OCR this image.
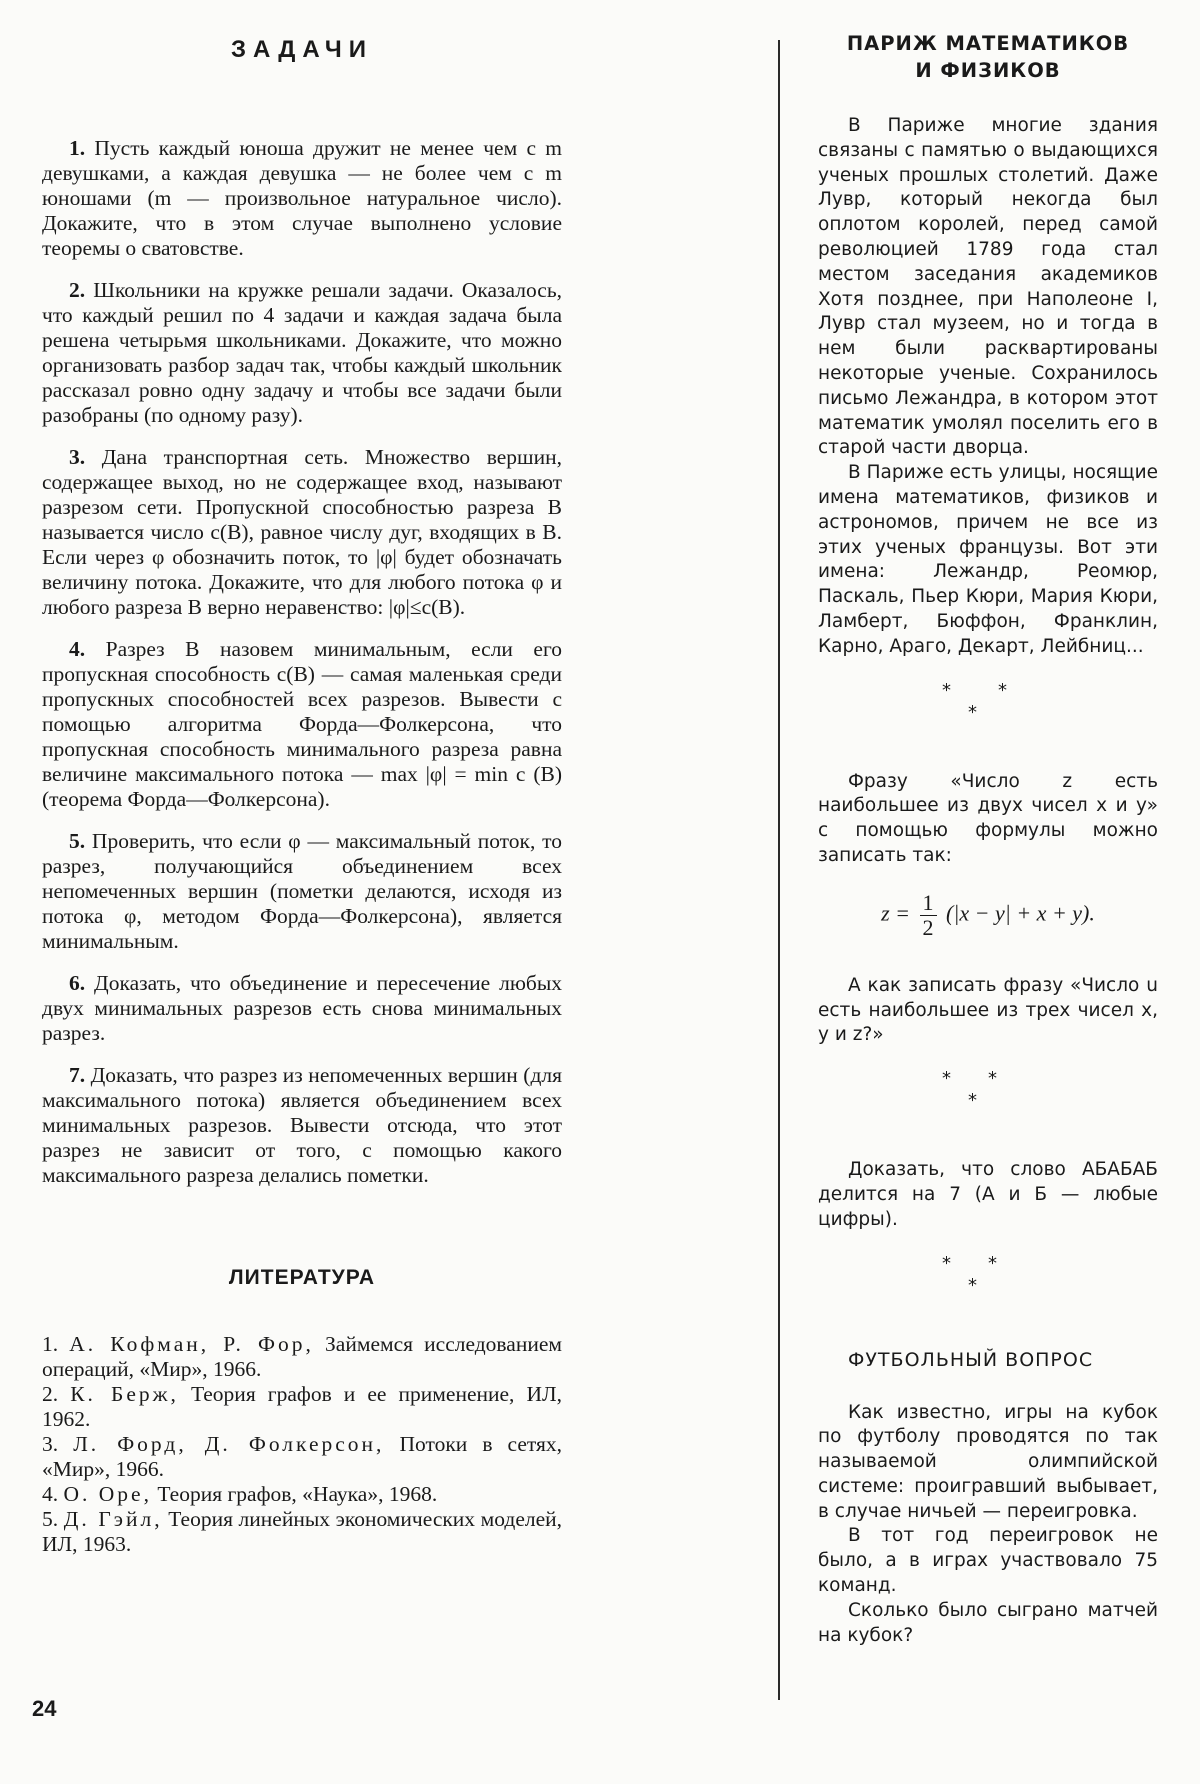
ЗАДАЧИ

1. Пусть каждый юноша дружит не менее чем с m девушками, а каждая девушка — не более чем с m юношами (m — произвольное натуральное число). Докажите, что в этом случае выполнено условие теоремы о сватовстве.

2. Школьники на кружке решали задачи. Оказалось, что каждый решил по 4 задачи и каждая задача была решена четырьмя школьниками. Докажите, что можно организовать разбор задач так, чтобы каждый школьник рассказал ровно одну задачу и чтобы все задачи были разобраны (по одному разу).

3. Дана транспортная сеть. Множество вершин, содержащее выход, но не содержащее вход, называют разрезом сети. Пропускной способностью разреза B называется число c(B), равное числу дуг, входящих в B. Если через φ обозначить поток, то |φ| будет обозначать величину потока. Докажите, что для любого потока φ и любого разреза B верно неравенство: |φ|≤c(B).

4. Разрез B назовем минимальным, если его пропускная способность c(B) — самая маленькая среди пропускных способностей всех разрезов. Вывести с помощью алгоритма Форда—Фолкерсона, что пропускная способность минимального разреза равна величине максимального потока — max |φ| = min c (B) (теорема Форда—Фолкерсона).

5. Проверить, что если φ — максимальный поток, то разрез, получающийся объединением всех непомеченных вершин (пометки делаются, исходя из потока φ, методом Форда—Фолкерсона), является минимальным.

6. Доказать, что объединение и пересечение любых двух минимальных разрезов есть снова минимальных разрез.

7. Доказать, что разрез из непомеченных вершин (для максимального потока) является объединением всех минимальных разрезов. Вывести отсюда, что этот разрез не зависит от того, с помощью какого максимального разреза делались пометки.

ЛИТЕРАТУРА

1. А. Кофман, Р. Фор, Займемся исследованием операций, «Мир», 1966.

2. К. Берж, Теория графов и ее применение, ИЛ, 1962.

3. Л. Форд, Д. Фолкерсон, Потоки в сетях, «Мир», 1966.

4. О. Оре, Теория графов, «Наука», 1968.

5. Д. Гэйл, Теория линейных экономических моделей, ИЛ, 1963.

24
ПАРИЖ МАТЕМАТИКОВ
И ФИЗИКОВ

В Париже многие здания связаны с памятью о выдающихся ученых прошлых столетий. Даже Лувр, который некогда был оплотом королей, перед самой революцией 1789 года стал местом заседания академиков Хотя позднее, при Наполеоне I, Лувр стал музеем, но и тогда в нем были расквартированы некоторые ученые. Сохранилось письмо Лежандра, в котором этот математик умолял поселить его в старой части дворца.

В Париже есть улицы, носящие имена математиков, физиков и астрономов, причем не все из этих ученых французы. Вот эти имена: Лежандр, Реомюр, Паскаль, Пьер Кюри, Мария Кюри, Ламберт, Бюффон, Франклин, Карно, Араго, Декарт, Лейбниц...

*	*
*

Фразу «Число z есть наибольшее из двух чисел x и y» с помощью формулы можно записать так:

$z = \frac{1}{2} (|x - y| + x + y)$.

А как записать фразу «Число u есть наибольшее из трех чисел x, y и z?»

* *
*

Доказать, что слово АБАБАБ делится на 7 (А и Б — любые цифры).

* *
*
ФУТБОЛЬНЫЙ ВОПРОС

Как известно, игры на кубок по футболу проводятся по так называемой олимпийской системе: проигравший выбывает, в случае ничьей — переигровка.

В тот год переигровок не было, а в играх участвовало 75 команд.

Сколько было сыграно матчей на кубок?
